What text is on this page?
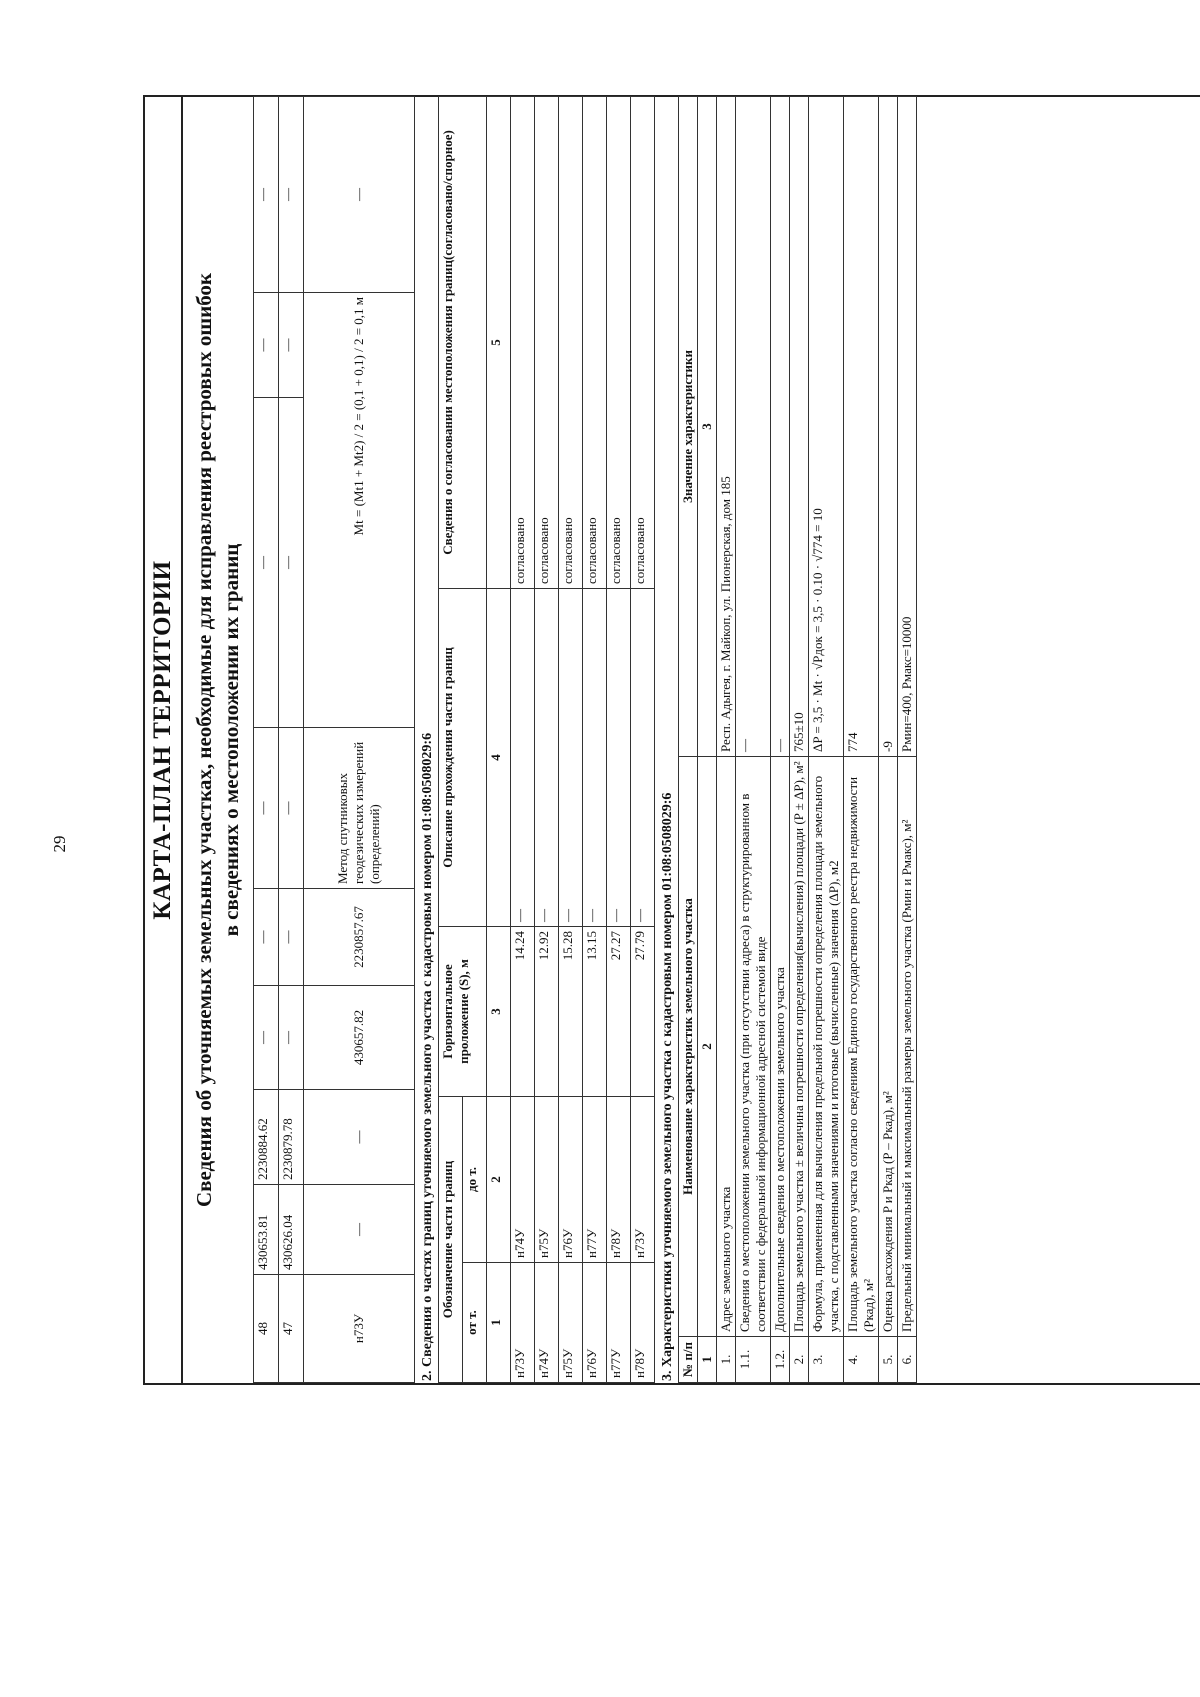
29	КАРТА-ПЛАН ТЕРРИТОРИИ Сведения об уточняемых земельных участках, необходимые для исправления реестровых ошибок в сведениях о местоположении их границ
48	430653.81	2230884.62	—	—	—	—	—	—
47	430626.04	2230879.78	—	—	—	—	—	—
н73У	—	—	430657.82	2230857.67	Метод спутниковых геодезических измерений (определений)	Mt = (Mt1 + Mt2) / 2 = (0,1 + 0,1) / 2 = 0,1 м		—
2. Сведения о частях границ уточняемого земельного участка с кадастровым номером 01:08:0508029:6 Обозначение части границ		Горизонтальное проложение (S), м	Описание прохождения части границ	Сведения о согласовании местоположения границ(согласовано/спорное)
от т.	до т.			
1	2	3	4	5
н73У	н74У	14.24	—	согласовано
н74У	н75У	12.92	—	согласовано
н75У	н76У	15.28	—	согласовано
н76У	н77У	13.15	—	согласовано
н77У	н78У	27.27	—	согласовано
н78У	н73У	27.79	—	согласовано
3. Характеристики уточняемого земельного участка с кадастровым номером 01:08:0508029:6 № п/п	Наименование характеристик земельного участка	Значение характеристики
1	2	3
1.	Адрес земельного участка	Респ. Адыгея, г. Майкоп, ул. Пионерская, дом 185
1.1.	Сведения о местоположении земельного участка (при отсутствии адреса) в структурированном в соответствии с федеральной информационной адресной системой виде	—
1.2.	Дополнительные сведения о местоположении земельного участка	—
2.	Площадь земельного участка ± величина погрешности определения(вычисления) площади (P ± ΔP), м²	765±10
3.	Формула, примененная для вычисления предельной погрешности определения площади земельного участка, с подставленными значениями и итоговые (вычисленные) значения (ΔP), м2	ΔP = 3,5 · Mt · √Pдок = 3,5 · 0.10 · √774 = 10
4.	Площадь земельного участка согласно сведениям Единого государственного реестра недвижимости (Pкад), м²	774
5.	Оценка расхождения P и Pкад (P – Pкад), м²	-9
6.	Предельный минимальный и максимальный размеры земельного участка (Pмин и Pмакс), м²	Pмин=400, Pмакс=10000
